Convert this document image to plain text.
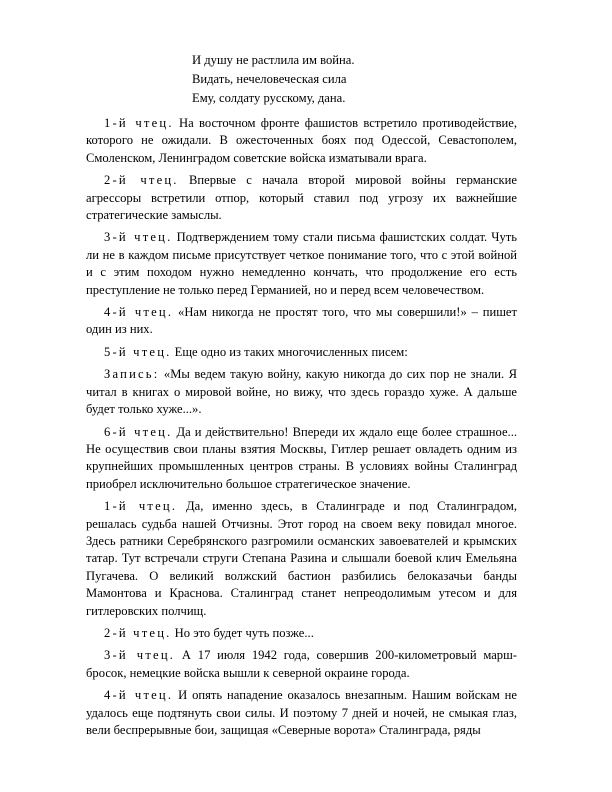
И душу не растлила им война.
Видать, нечеловеческая сила
Ему, солдату русскому, дана.

1-й чтец. На восточном фронте фашистов встретило противодействие, которого не ожидали. В ожесточенных боях под Одессой, Севастополем, Смоленском, Ленинградом советские войска изматывали врага.

2-й чтец. Впервые с начала второй мировой войны германские агрессоры встретили отпор, который ставил под угрозу их важнейшие стратегические замыслы.

3-й чтец. Подтверждением тому стали письма фашистских солдат. Чуть ли не в каждом письме присутствует четкое понимание того, что с этой войной и с этим походом нужно немедленно кончать, что продолжение его есть преступление не только перед Германией, но и перед всем человечеством.

4-й чтец. «Нам никогда не простят того, что мы совершили!» – пишет один из них.

5-й чтец. Еще одно из таких многочисленных писем:

Запись: «Мы ведем такую войну, какую никогда до сих пор не знали. Я читал в книгах о мировой войне, но вижу, что здесь гораздо хуже. А дальше будет только хуже...».

6-й чтец. Да и действительно! Впереди их ждало еще более страшное... Не осуществив свои планы взятия Москвы, Гитлер решает овладеть одним из крупнейших промышленных центров страны. В условиях войны Сталинград приобрел исключительно большое стратегическое значение.

1-й чтец. Да, именно здесь, в Сталинграде и под Сталинградом, решалась судьба нашей Отчизны. Этот город на своем веку повидал многое. Здесь ратники Серебрянского разгромили османских завоевателей и крымских татар. Тут встречали струги Степана Разина и слышали боевой клич Емельяна Пугачева. О великий волжский бастион разбились белоказачьи банды Мамонтова и Краснова. Сталинград станет непреодолимым утесом и для гитлеровских полчищ.

2-й чтец. Но это будет чуть позже...

3-й чтец. А 17 июля 1942 года, совершив 200-километровый марш-бросок, немецкие войска вышли к северной окраине города.

4-й чтец. И опять нападение оказалось внезапным. Нашим войскам не удалось еще подтянуть свои силы. И поэтому 7 дней и ночей, не смыкая глаз, вели беспрерывные бои, защищая «Северные ворота» Сталинграда, ряды
